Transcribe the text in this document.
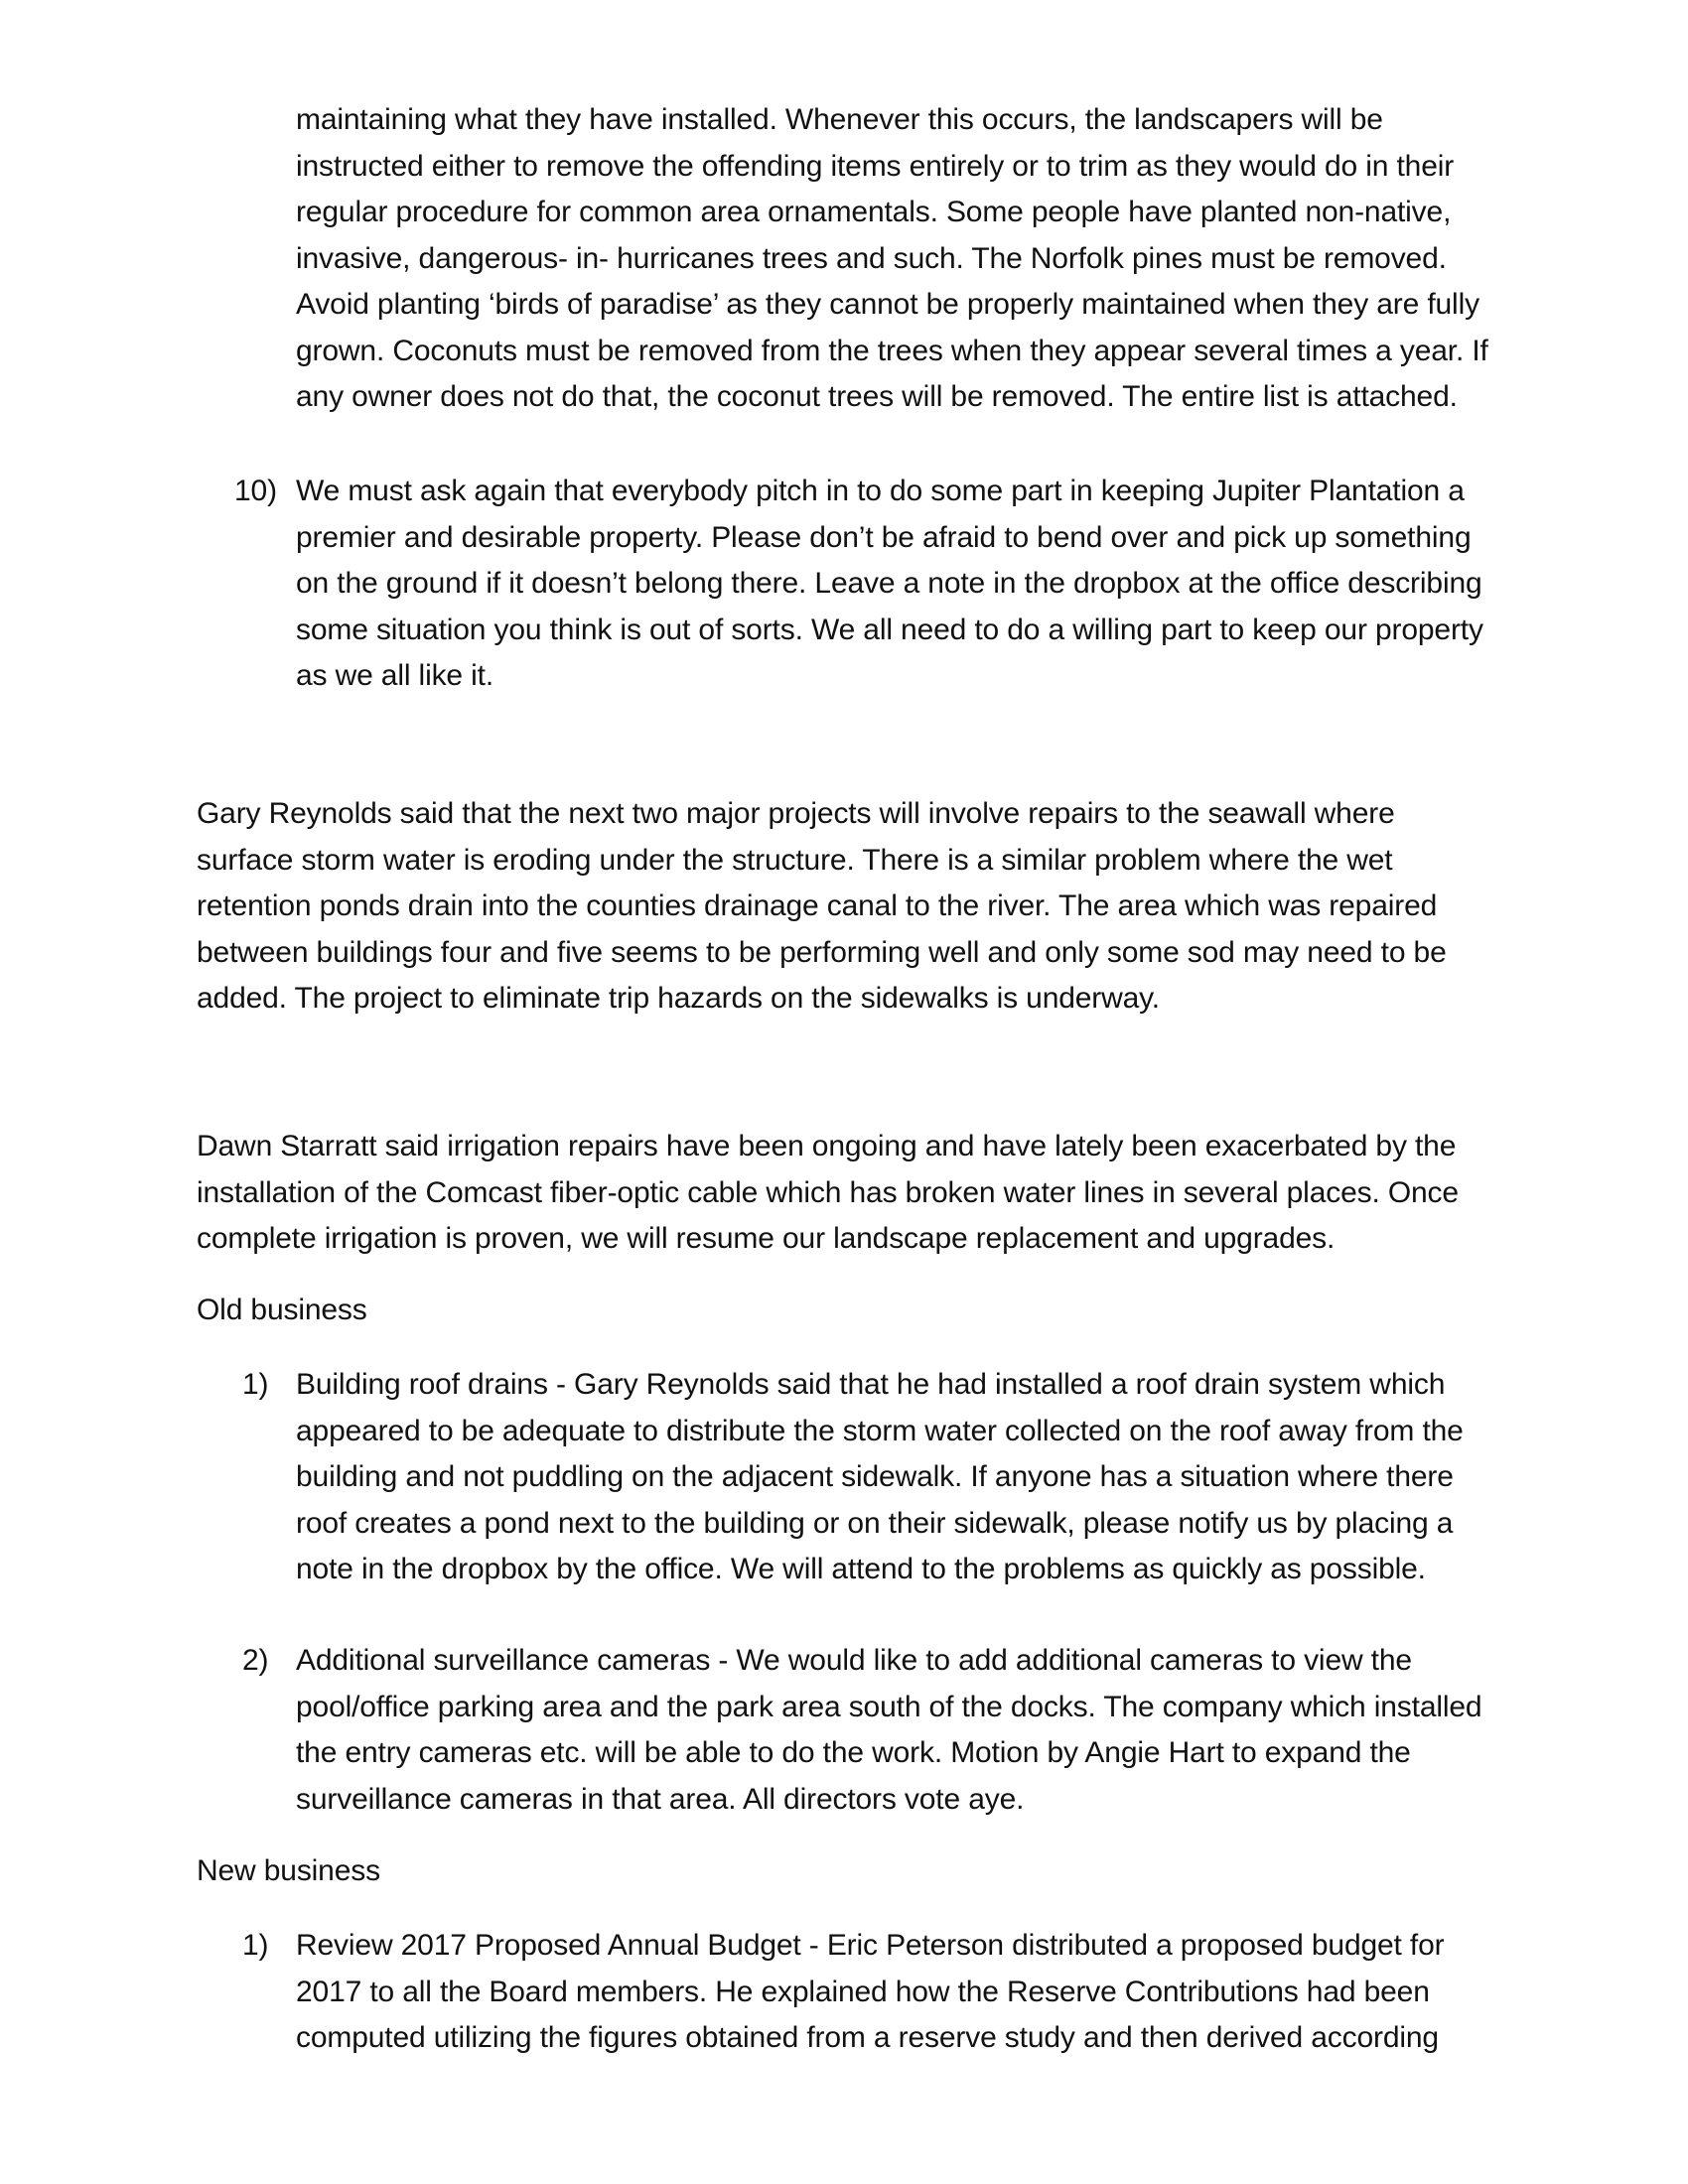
maintaining what they have installed. Whenever this occurs, the landscapers will be instructed either to remove the offending items entirely or to trim as they would do in their regular procedure for common area ornamentals. Some people have planted non-native, invasive, dangerous- in- hurricanes trees and such. The Norfolk pines must be removed. Avoid planting ‘birds of paradise’ as they cannot be properly maintained when they are fully grown. Coconuts must be removed from the trees when they appear several times a year. If any owner does not do that, the coconut trees will be removed. The entire list is attached.
10) We must ask again that everybody pitch in to do some part in keeping Jupiter Plantation a premier and desirable property. Please don’t be afraid to bend over and pick up something on the ground if it doesn’t belong there. Leave a note in the dropbox at the office describing some situation you think is out of sorts. We all need to do a willing part to keep our property as we all like it.
Gary Reynolds said that the next two major projects will involve repairs to the seawall where surface storm water is eroding under the structure. There is a similar problem where the wet retention ponds drain into the counties drainage canal to the river. The area which was repaired between buildings four and five seems to be performing well and only some sod may need to be added. The project to eliminate trip hazards on the sidewalks is underway.
Dawn Starratt said irrigation repairs have been ongoing and have lately been exacerbated by the installation of the Comcast fiber-optic cable which has broken water lines in several places. Once complete irrigation is proven, we will resume our landscape replacement and upgrades.
Old business
1) Building roof drains - Gary Reynolds said that he had installed a roof drain system which appeared to be adequate to distribute the storm water collected on the roof away from the building and not puddling on the adjacent sidewalk. If anyone has a situation where there roof creates a pond next to the building or on their sidewalk, please notify us by placing a note in the dropbox by the office. We will attend to the problems as quickly as possible.
2) Additional surveillance cameras - We would like to add additional cameras to view the pool/office parking area and the park area south of the docks. The company which installed the entry cameras etc. will be able to do the work. Motion by Angie Hart to expand the surveillance cameras in that area. All directors vote aye.
New business
1) Review 2017 Proposed Annual Budget - Eric Peterson distributed a proposed budget for 2017 to all the Board members. He explained how the Reserve Contributions had been computed utilizing the figures obtained from a reserve study and then derived according
